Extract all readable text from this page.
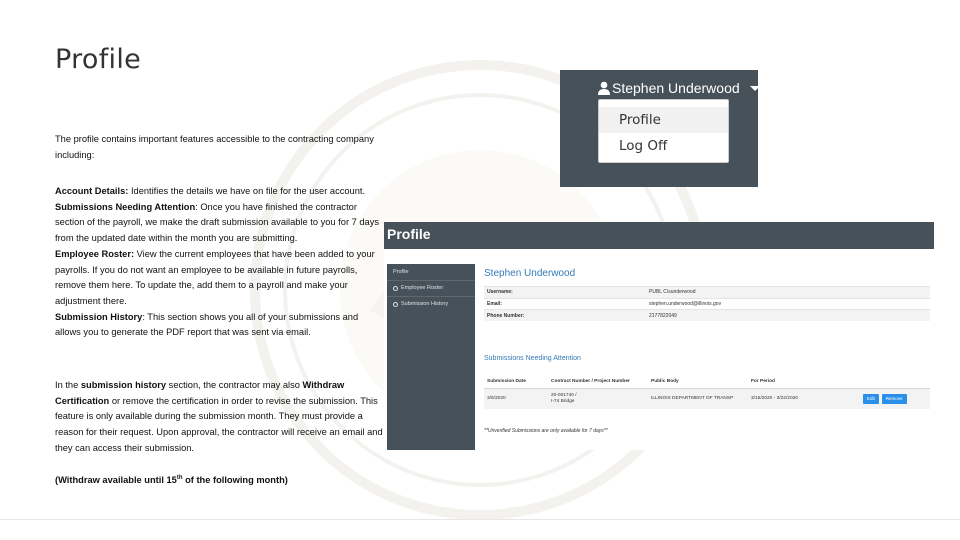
Profile

The profile contains important features accessible to the contracting company including:

Account Details: Identifies the details we have on file for the user account.
Submissions Needing Attention: Once you have finished the contractor section of the payroll, we make the draft submission available to you for 7 days from the updated date within the month you are submitting.
Employee Roster: View the current employees that have been added to your payrolls. If you do not want an employee to be available in future payrolls, remove them here. To update the, add them to a payroll and make your adjustment there.
Submission History: This section shows you all of your submissions and allows you to generate the PDF report that was sent via email.

In the submission history section, the contractor may also Withdraw Certification or remove the certification in order to revise the submission. This feature is only available during the submission month. They must provide a reason for their request. Upon approval, the contractor will receive an email and they can access their submission.

(Withdraw available until 15th of the following month)

Stephen Underwood
Profile
Log Off
Profile
Profile
Employee Roster
Submission History
Stephen Underwood
Username:	PUBL C\sunderwood
Email:	stephen.underwood@illinois.gov
Phone Number:	2177822049
Submissions Needing Attention
Submission Date	Contract Number / Project Number	Public Body	For Period	
3/6/2020	20-001740 /
I-74 Bridge	ILLINOIS DEPARTMENT OF TRANSP	3/15/2020 - 3/22/2020	Edit Remove
**Unverified Submissions are only available for 7 days**
